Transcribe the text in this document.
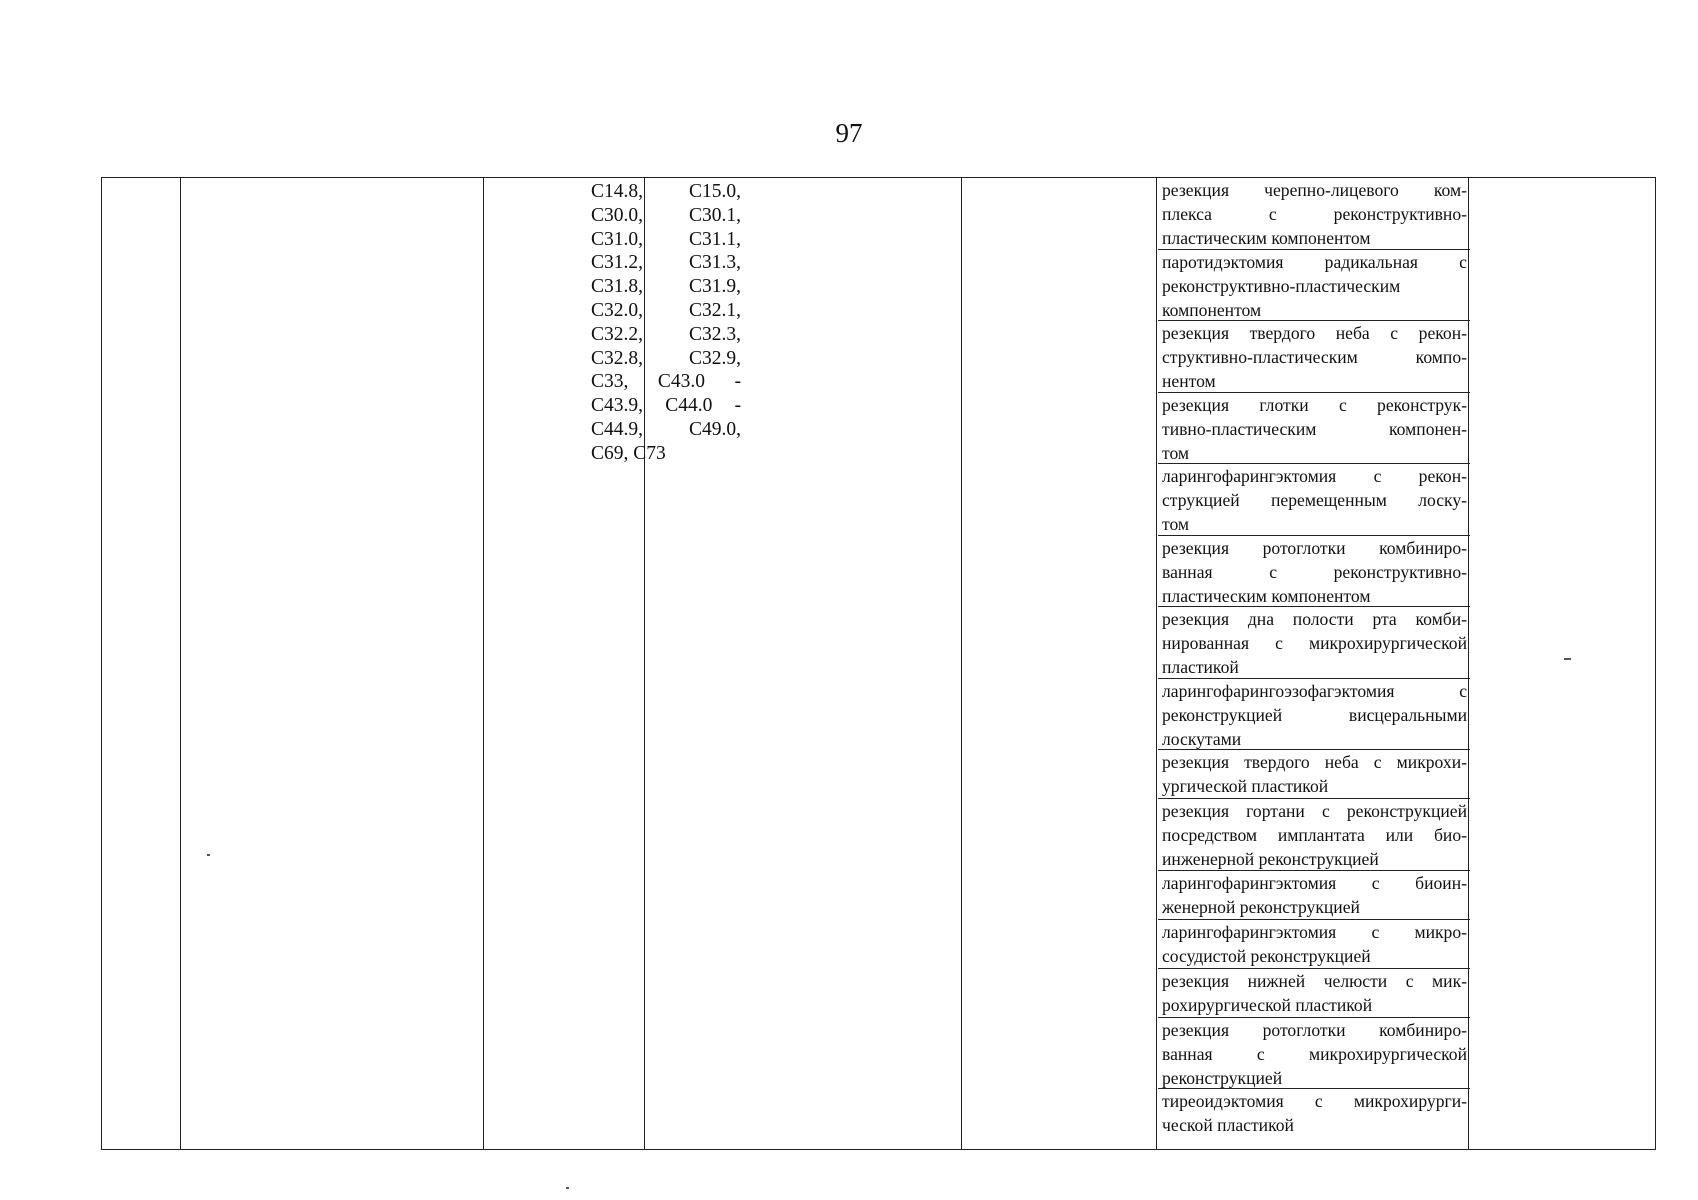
97
C14.8, C15.0,
C30.0, C30.1,
C31.0, C31.1,
C31.2, C31.3,
C31.8, C31.9,
C32.0, C32.1,
C32.2, C32.3,
C32.8, C32.9,
C33, C43.0 -
C43.9, C44.0 -
C44.9, C49.0,
C69, C73
резекция черепно-лицевого ком-
плекса	с	реконструктивно-
пластическим компонентом
паротидэктомия радикальная с
реконструктивно-пластическим
компонентом
резекция твердого неба с рекон-
структивно-пластическим	компо-
нентом
резекция глотки с реконструк-
тивно-пластическим	компонен-
том
ларингофарингэктомия с рекон-
струкцией перемещенным лоску-
том
резекция ротоглотки комбиниро-
ванная	с	реконструктивно-
пластическим компонентом
резекция дна полости рта комби-
нированная с микрохирургической
пластикой
ларингофарингоэзофагэктомия	с
реконструкцией	висцеральными
лоскутами
резекция твердого неба с микрохи-
ургической пластикой
резекция гортани с реконструкцией
посредством имплантата или био-
инженерной реконструкцией
ларингофарингэктомия с биоин-
женерной реконструкцией
ларингофарингэктомия с микро-
сосудистой реконструкцией
резекция нижней челюсти с мик-
рохирургической пластикой
резекция ротоглотки комбиниро-
ванная	с	микрохирургической
реконструкцией
тиреоидэктомия с микрохирурги-
ческой пластикой
